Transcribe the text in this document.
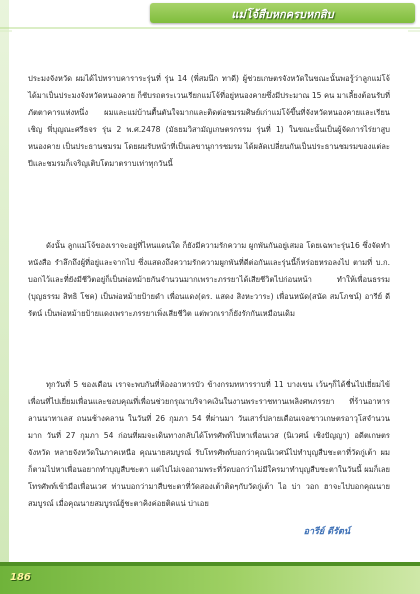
แม่โจ้สืบหกครบหกสิบ
ประมงจังหวัด ผมได้ไปทราบคาราระรุ่นที่ รุ่น 14 (พี่สมนึก ทาดี) ผู้ช่วยเกษตรจังหวัดในขณะนั้นพอรู้ว่าลูกแม่โจ้ได้มาเป็นประมงจังหวัดหนองคาย ก็ชับรถตระเวนเรียกแม่โจ้ที่อยู่หนองคายซึ่งมีประมาณ 15 คน มาเลี้ยงต้อนรับที่ภัตตาคารแห่งหนึ่ง ผมและแม่บ้านตื้นตันใจมากและติดต่อชมรมศิษย์เก่าแม่โจ้ขึ้นที่จังหวัดหนองคายและเรียนเชิญ พี่บุญณะศรีธจร รุ่น 2 พ.ศ.2478 (มัธยมวิสามัญเกษตรกรรม รุ่นที่ 1) ในขณะนั้นเป็นผู้จัดการไร่ยาสูบหนองคาย เป็นประธานชมรม โดยผมรับหน้าที่เป็นเลขานุการชมรม ได้ผลัดเปลี่ยนกันเป็นประธานชมรมของแต่ละปีและชมรมก็เจริญเติบโตมาตราบเท่าทุกวันนี้
ดังนั้น ลูกแม่โจ้ของเราจะอยู่ที่ไหนแดนใด ก็ยังมีความรักความ ผูกพันกันอยู่เสมอ โดยเฉพาะรุ่น16 ซึ่งจัดทำหนังสือ รำลึกถึงผู้ที่อยู่และจากไป ซึ่งแสดงถึงความรักความผูกพันที่ดีต่อกันและรุ่นนี้ก็หร่อยหรอลงไป ตามที่ บ.ก. บอกไว้และที่ยังมีชีวิตอยู่ก็เป็นพ่อหม้ายกันจำนวนมากเพราะภรรยาได้เสียชีวิตไปก่อนหน้า ทำให้เพื่อนธรรม (บุญธรรม สิทธิ โชค) เป็นพ่อหม้ายป้ายดำ เพื่อนแดง(ดร. แสดง สิงหะวาระ) เพื่อนหนัด(สนัด สมโภชน์) อารีย์ ดีรัตน์ เป็นพ่อหม้ายป้ายแดงเพราะภรรยาเพิ่งเสียชีวิต แต่พวกเราก็ยังรักกันเหมือนเดิม
ทุกวันที่ 5 ของเดือน เราจะพบกันที่ห้องอาหารบัว ข้างกรมทหารราบที่ 11 บางเขน เว้นๆก็ได้ชื่นไปเยี่ยมไข้เพื่อนที่ไปเยี่ยมเพื่อนและขอบคุณที่เพื่อนช่วยกรุณาบริจาคเงินในงานพระราชทานเพลิงศพภรรยา ที่ร้านอาหารลานนาทาเลส ถนนช้างคลาน ในวันที่ 26 กุมภา 54 ที่ผ่านมา วันเสาร์ปลายเดือนเจอชาวเกษตรอาวุโสจำนวนมาก วันที่ 27 กุมภา 54 ก่อนที่ผมจะเดินทางกลับได้โทรศัพท์ไปหาเพื่อนเวส (นิเวศน์ เชิงปัญญา) อดีตเกษตรจังหวัด หลายจังหวัดในภาคเหนือ คุณนายสมบูรณ์ รับโทรศัพท์บอกว่าคุณนิเวศน์ไปทำบุญสืบชะตาที่วัดกู่เต้า ผมก็ตามไปหาเพื่อนอยากทำบุญสืบชะตา แต่ไปไม่เจอถามพระที่วัดบอกว่าไม่มีใครมาทำบุญสืบชะตาในวันนี้ ผมก็เลยโทรศัพท์เข้ามือเพื่อนเวศ ท่านบอกว่ามาสืบชะตาที่วัดสองเต้าติดๆกับวัดกู่เต้า ไอ บ่า วอก ฮาจะไปบอกคุณนายสมบูรณ์ เมื่อคุณนายสมบูรณ์ฮู้ชะตาคิงค่อยติดแน่ บ่าเอย
อารีย์ ดีรัตน์
186
